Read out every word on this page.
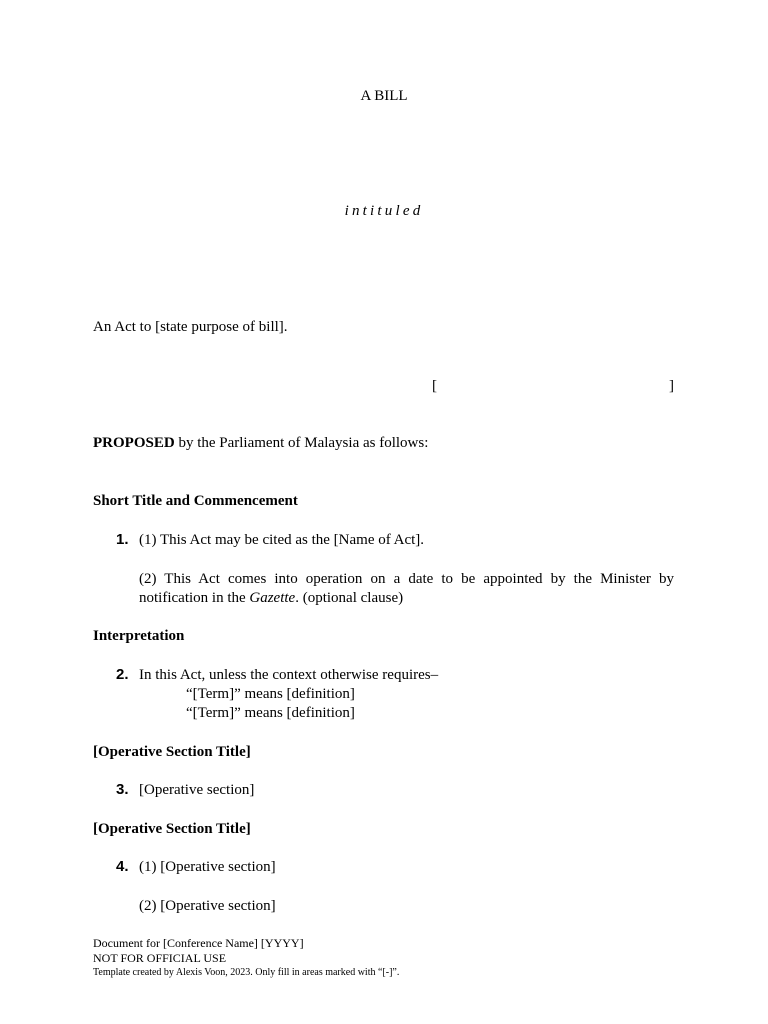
A BILL
intituled
An Act to [state purpose of bill].
[	]
PROPOSED by the Parliament of Malaysia as follows:
Short Title and Commencement
1. (1) This Act may be cited as the [Name of Act].
(2) This Act comes into operation on a date to be appointed by the Minister by notification in the Gazette. (optional clause)
Interpretation
2. In this Act, unless the context otherwise requires–
“[Term]” means [definition]
“[Term]” means [definition]
[Operative Section Title]
3. [Operative section]
[Operative Section Title]
4. (1) [Operative section]
(2) [Operative section]
Document for [Conference Name] [YYYY]
NOT FOR OFFICIAL USE
Template created by Alexis Voon, 2023. Only fill in areas marked with “[-]”.
